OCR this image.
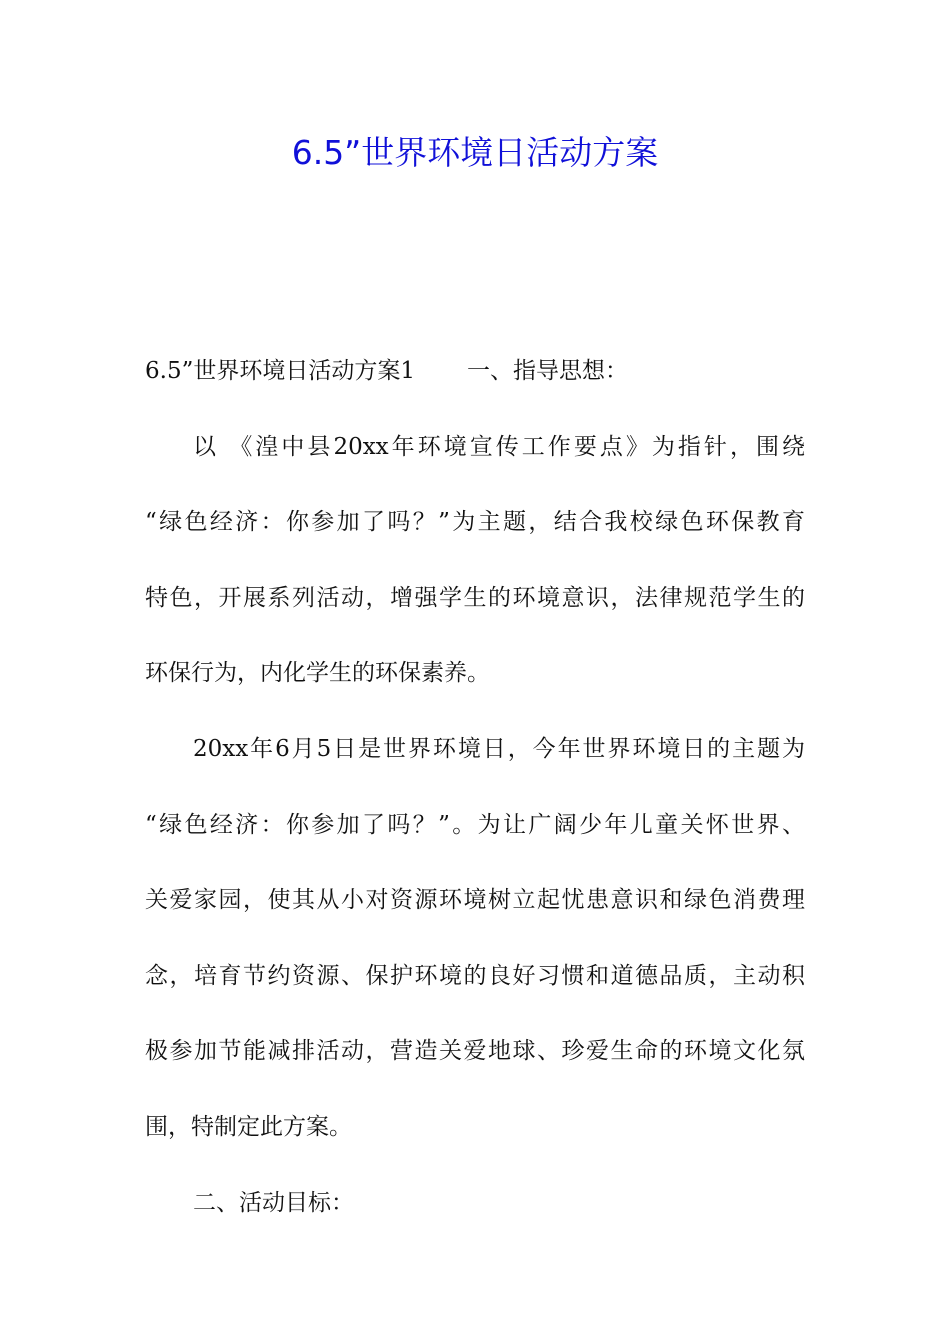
6.5”世界环境日活动方案
6.5”世界环境日活动方案1 一、指导思想：
以 《湟中县20xx年环境宣传工作要点》为指针，围绕
“绿色经济：你参加了吗？”为主题，结合我校绿色环保教育
特色，开展系列活动，增强学生的环境意识，法律规范学生的
环保行为，内化学生的环保素养。
20xx年6月5日是世界环境日，今年世界环境日的主题为
“绿色经济：你参加了吗？”。为让广阔少年儿童关怀世界、
关爱家园，使其从小对资源环境树立起忧患意识和绿色消费理
念，培育节约资源、保护环境的良好习惯和道德品质，主动积
极参加节能减排活动，营造关爱地球、珍爱生命的环境文化氛
围，特制定此方案。
二、活动目标：
